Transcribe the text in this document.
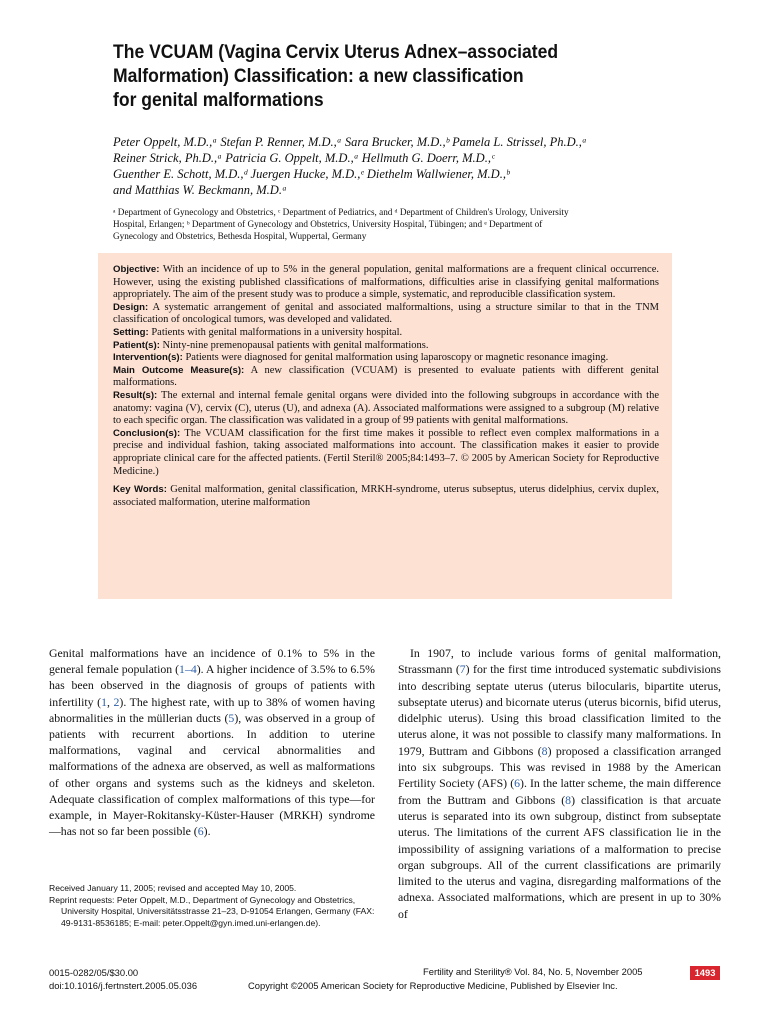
The VCUAM (Vagina Cervix Uterus Adnex–associated
Malformation) Classification: a new classification
for genital malformations
Peter Oppelt, M.D.,ᵃ Stefan P. Renner, M.D.,ᵃ Sara Brucker, M.D.,ᵇ Pamela L. Strissel, Ph.D.,ᵃ
Reiner Strick, Ph.D.,ᵃ Patricia G. Oppelt, M.D.,ᵃ Hellmuth G. Doerr, M.D.,ᶜ
Guenther E. Schott, M.D.,ᵈ Juergen Hucke, M.D.,ᵉ Diethelm Wallwiener, M.D.,ᵇ
and Matthias W. Beckmann, M.D.ᵃ
ᵃ Department of Gynecology and Obstetrics, ᶜ Department of Pediatrics, and ᵈ Department of Children's Urology, University
Hospital, Erlangen; ᵇ Department of Gynecology and Obstetrics, University Hospital, Tübingen; and ᵉ Department of
Gynecology and Obstetrics, Bethesda Hospital, Wuppertal, Germany
Objective: With an incidence of up to 5% in the general population, genital malformations are a frequent clinical occurrence. However, using the existing published classifications of malformations, difficulties arise in classifying genital malformations appropriately. The aim of the present study was to produce a simple, systematic, and reproducible classification system.
Design: A systematic arrangement of genital and associated malformaltions, using a structure similar to that in the TNM classification of oncological tumors, was developed and validated.
Setting: Patients with genital malformations in a university hospital.
Patient(s): Ninty-nine premenopausal patients with genital malformations.
Intervention(s): Patients were diagnosed for genital malformation using laparoscopy or magnetic resonance imaging.
Main Outcome Measure(s): A new classification (VCUAM) is presented to evaluate patients with different genital malformations.
Result(s): The external and internal female genital organs were divided into the following subgroups in accordance with the anatomy: vagina (V), cervix (C), uterus (U), and adnexa (A). Associated malformations were assigned to a subgroup (M) relative to each specific organ. The classification was validated in a group of 99 patients with genital malformations.
Conclusion(s): The VCUAM classification for the first time makes it possible to reflect even complex malformations in a precise and individual fashion, taking associated malformations into account. The classification makes it easier to provide appropriate clinical care for the affected patients. (Fertil Steril® 2005;84:1493–7. © 2005 by American Society for Reproductive Medicine.)
Key Words: Genital malformation, genital classification, MRKH-syndrome, uterus subseptus, uterus didelphius, cervix duplex, associated malformation, uterine malformation

Genital malformations have an incidence of 0.1% to 5% in the general female population (1–4). A higher incidence of 3.5% to 6.5% has been observed in the diagnosis of groups of patients with infertility (1, 2). The highest rate, with up to 38% of women having abnormalities in the müllerian ducts (5), was observed in a group of patients with recurrent abortions. In addition to uterine malformations, vaginal and cervical abnormalities and malformations of the adnexa are observed, as well as malformations of other organs and systems such as the kidneys and skeleton. Adequate classification of complex malformations of this type—for example, in Mayer-Rokitansky-Küster-Hauser (MRKH) syndrome—has not so far been possible (6).

In 1907, to include various forms of genital malformation, Strassmann (7) for the first time introduced systematic subdivisions into describing septate uterus (uterus bilocularis, bipartite uterus, subseptate uterus) and bicornate uterus (uterus bicornis, bifid uterus, didelphic uterus). Using this broad classification limited to the uterus alone, it was not possible to classify many malformations. In 1979, Buttram and Gibbons (8) proposed a classification arranged into six subgroups. This was revised in 1988 by the American Fertility Society (AFS) (6). In the latter scheme, the main difference from the Buttram and Gibbons (8) classification is that arcuate uterus is separated into its own subgroup, distinct from subseptate uterus. The limitations of the current AFS classification lie in the impossibility of assigning variations of a malformation to precise organ subgroups. All of the current classifications are primarily limited to the uterus and vagina, disregarding malformations of the adnexa. Associated malformations, which are present in up to 30% of

Received January 11, 2005; revised and accepted May 10, 2005.
Reprint requests: Peter Oppelt, M.D., Department of Gynecology and Obstetrics, University Hospital, Universitätsstrasse 21–23, D-91054 Erlangen, Germany (FAX: 49-9131-8536185; E-mail: peter.Oppelt@gyn.imed.uni-erlangen.de).
0015-0282/05/$30.00
doi:10.1016/j.fertnstert.2005.05.036
Fertility and Sterility® Vol. 84, No. 5, November 2005
Copyright ©2005 American Society for Reproductive Medicine, Published by Elsevier Inc.
1493
